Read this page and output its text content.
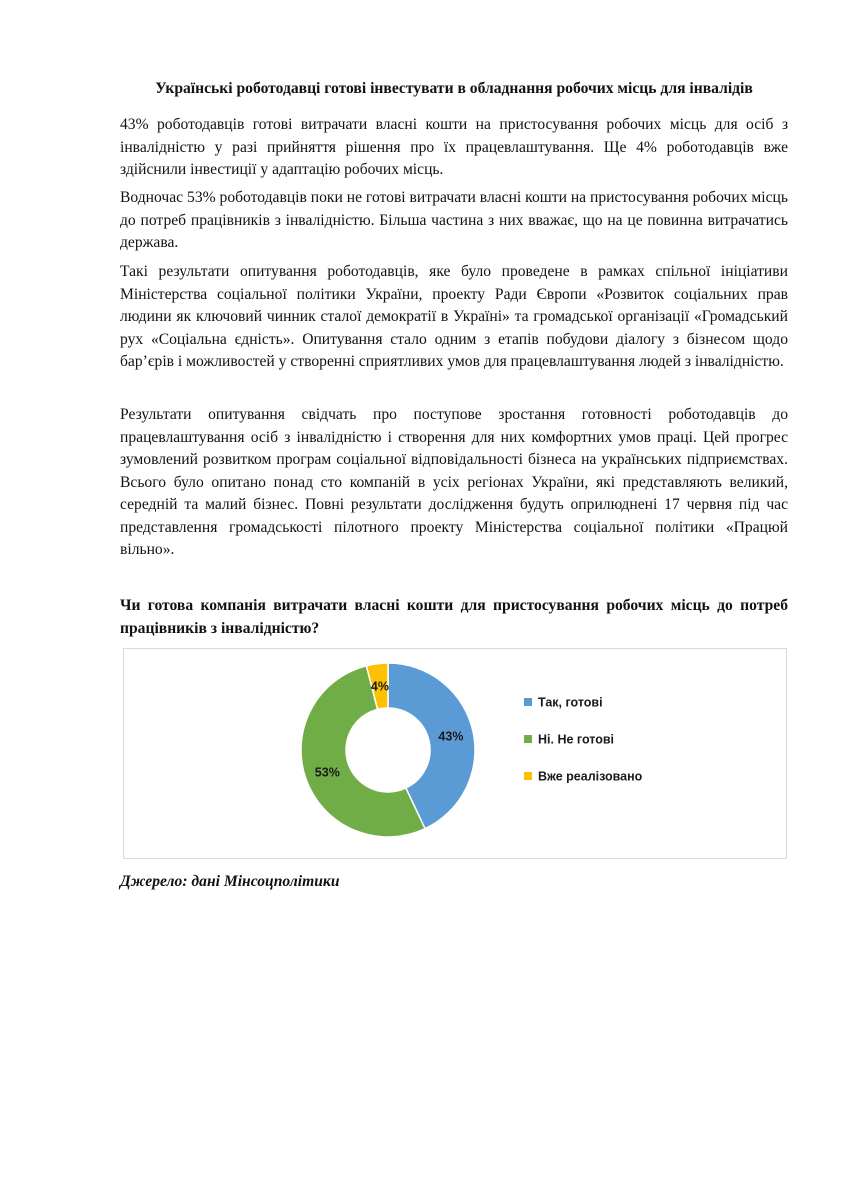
Українські роботодавці готові інвестувати в обладнання робочих місць для інвалідів

43% роботодавців готові витрачати власні кошти на пристосування робочих місць для осіб з інвалідністю у разі прийняття рішення про їх працевлаштування. Ще 4% роботодавців вже здійснили інвестиції у адаптацію робочих місць.

Водночас 53% роботодавців поки не готові витрачати власні кошти на пристосування робочих місць до потреб працівників з інвалідністю. Більша частина з них вважає, що на це повинна витрачатись держава.

Такі результати опитування роботодавців, яке було проведене в рамках спільної ініціативи Міністерства соціальної політики України, проекту Ради Європи «Розвиток соціальних прав людини як ключовий чинник сталої демократії в Україні» та громадської організації «Громадський рух «Соціальна єдність». Опитування стало одним з етапів побудови діалогу з бізнесом щодо бар’єрів і можливостей у створенні сприятливих умов для працевлаштування людей з інвалідністю.

Результати опитування свідчать про поступове зростання готовності роботодавців до працевлаштування осіб з інвалідністю і створення для них комфортних умов праці. Цей прогрес зумовлений розвитком програм соціальної відповідальності бізнеса на українських підприємствах. Всього було опитано понад сто компаній в усіх регіонах України, які представляють великий, середній та малий бізнес. Повні результати дослідження будуть оприлюднені 17 червня під час представлення громадськості пілотного проекту Міністерства соціальної політики «Працюй вільно».

Чи готова компанія витрачати власні кошти для пристосування робочих місць до потреб працівників з інвалідністю?
43%
53%
4%
Так, готові
Ні. Не готові
Вже реалізовано
Джерело: дані Мінсоцполітики
